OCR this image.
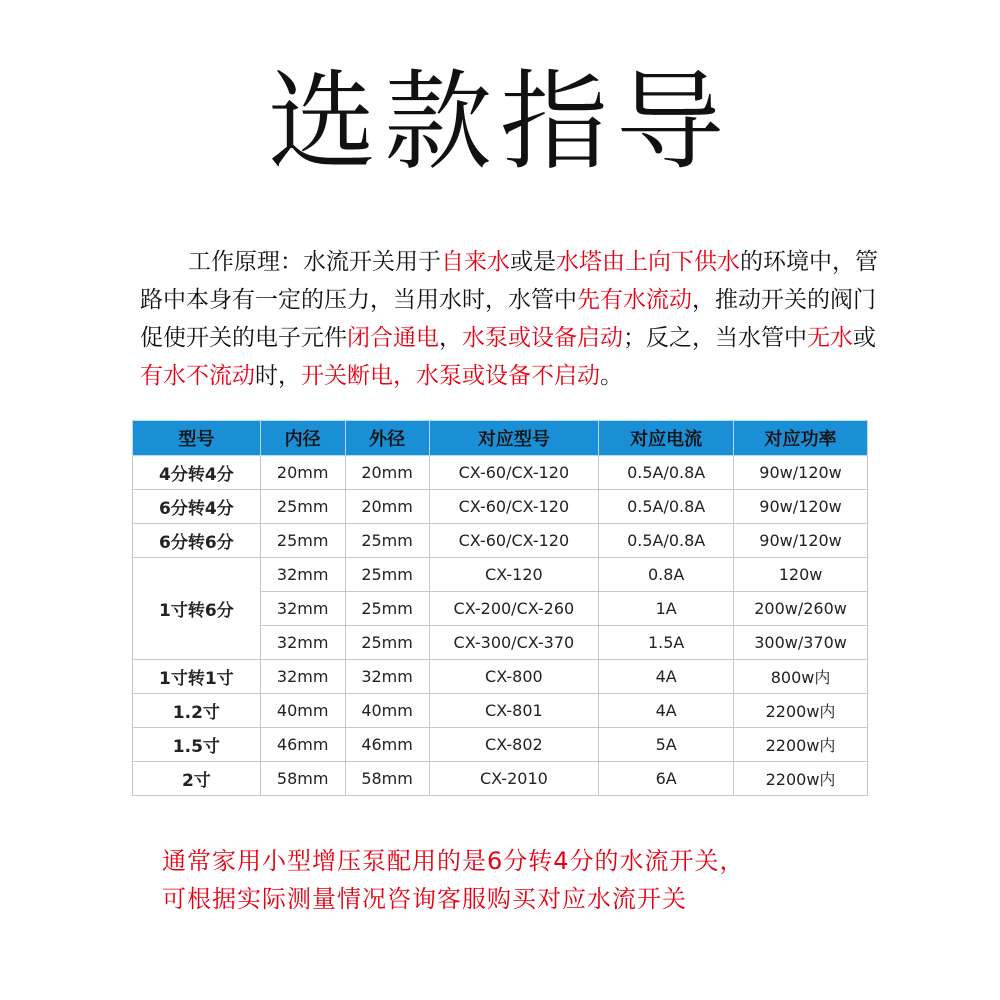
选款指导
工作原理：水流开关用于自来水或是水塔由上向下供水的环境中，管路中本身有一定的压力，当用水时，水管中先有水流动，推动开关的阀门促使开关的电子元件闭合通电，水泵或设备启动；反之，当水管中无水或有水不流动时，开关断电，水泵或设备不启动。
型号	内径	外径	对应型号	对应电流	对应功率
4分转4分	20mm	20mm	CX-60/CX-120	0.5A/0.8A	90w/120w
6分转4分	25mm	20mm	CX-60/CX-120	0.5A/0.8A	90w/120w
6分转6分	25mm	25mm	CX-60/CX-120	0.5A/0.8A	90w/120w
1寸转6分	32mm	25mm	CX-120	0.8A	120w
	32mm	25mm	CX-200/CX-260	1A	200w/260w
	32mm	25mm	CX-300/CX-370	1.5A	300w/370w
1寸转1寸	32mm	32mm	CX-800	4A	800w内
1.2寸	40mm	40mm	CX-801	4A	2200w内
1.5寸	46mm	46mm	CX-802	5A	2200w内
2寸	58mm	58mm	CX-2010	6A	2200w内
通常家用小型增压泵配用的是6分转4分的水流开关，
可根据实际测量情况咨询客服购买对应水流开关
